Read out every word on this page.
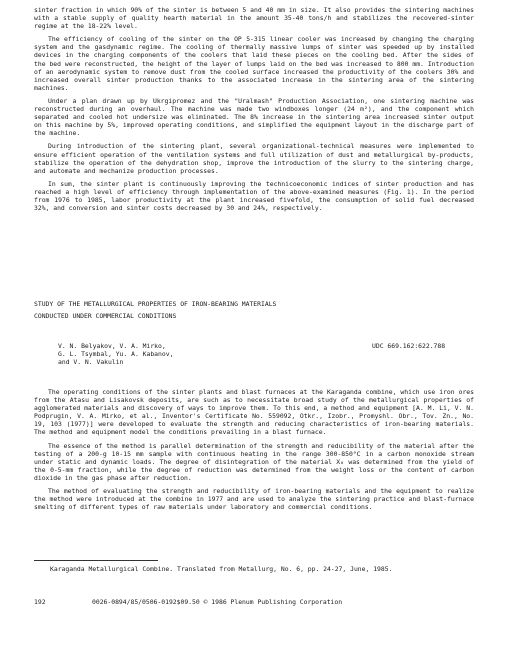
sinter fraction in which 90% of the sinter is between 5 and 40 mm in size. It also provides the sintering machines with a stable supply of quality hearth material in the amount 35-40 tons/h and stabilizes the recovered-sinter regime at the 18-22% level.

The efficiency of cooling of the sinter on the OP 5-315 linear cooler was increased by changing the charging system and the gasdynamic regime. The cooling of thermally massive lumps of sinter was speeded up by installed devices in the charging components of the coolers that laid these pieces on the cooling bed. After the sides of the bed were reconstructed, the height of the layer of lumps laid on the bed was increased to 800 mm. Introduction of an aerodynamic system to remove dust from the cooled surface increased the productivity of the coolers 30% and increased overall sinter production thanks to the associated increase in the sintering area of the sintering machines.

Under a plan drawn up by Ukrgipromez and the "Uralmash" Production Association, one sintering machine was reconstructed during an overhaul. The machine was made two windboxes longer (24 m²), and the component which separated and cooled hot undersize was eliminated. The 8% increase in the sintering area increased sinter output on this machine by 5%, improved operating conditions, and simplified the equipment layout in the discharge part of the machine.

During introduction of the sintering plant, several organizational-technical measures were implemented to ensure efficient operation of the ventilation systems and full utilization of dust and metallurgical by-products, stabilize the operation of the dehydration shop, improve the introduction of the slurry to the sintering charge, and automate and mechanize production processes.

In sum, the sinter plant is continuously improving the technicoeconomic indices of sinter production and has reached a high level of efficiency through implementation of the above-examined measures (Fig. 1). In the period from 1976 to 1985, labor productivity at the plant increased fivefold, the consumption of solid fuel decreased 32%, and conversion and sinter costs decreased by 30 and 24%, respectively.

STUDY OF THE METALLURGICAL PROPERTIES OF IRON-BEARING MATERIALS
CONDUCTED UNDER COMMERCIAL CONDITIONS
V. N. Belyakov, V. A. Mirko,
G. L. Tsymbal, Yu. A. Kabanov,
and V. N. Vakulin
UDC 669.162:622.788

The operating conditions of the sinter plants and blast furnaces at the Karaganda combine, which use iron ores from the Atasu and Lisakovsk deposits, are such as to necessitate broad study of the metallurgical properties of agglomerated materials and discovery of ways to improve them. To this end, a method and equipment [A. M. Li, V. N. Podprugin, V. A. Mirko, et al., Inventor's Certificate No. 559092, Otkr., Izobr., Promyshl. Obr., Tov. Zn., No. 19, 103 (1977)] were developed to evaluate the strength and reducing characteristics of iron-bearing materials. The method and equipment model the conditions prevailing in a blast furnace.

The essence of the method is parallel determination of the strength and reducibility of the material after the testing of a 200-g 10-15 mm sample with continuous heating in the range 300-850°C in a carbon monoxide stream under static and dynamic loads. The degree of disintegration of the material X₀ was determined from the yield of the 0-5-mm fraction, while the degree of reduction was determined from the weight loss or the content of carbon dioxide in the gas phase after reduction.

The method of evaluating the strength and reducibility of iron-bearing materials and the equipment to realize the method were introduced at the combine in 1977 and are used to analyze the sintering practice and blast-furnace smelting of different types of raw materials under laboratory and commercial conditions.

Karaganda Metallurgical Combine. Translated from Metallurg, No. 6, pp. 24-27, June, 1985.
192	0026-0894/85/0506-0192$09.50 © 1986 Plenum Publishing Corporation
